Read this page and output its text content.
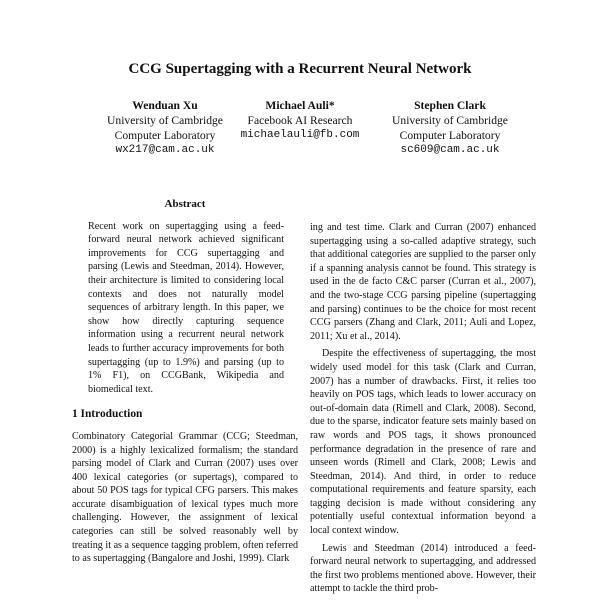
CCG Supertagging with a Recurrent Neural Network
Wenduan Xu
University of Cambridge
Computer Laboratory
wx217@cam.ac.uk
Michael Auli*
Facebook AI Research
michaelauli@fb.com
Stephen Clark
University of Cambridge
Computer Laboratory
sc609@cam.ac.uk
Abstract

Recent work on supertagging using a feed-forward neural network achieved significant improvements for CCG supertagging and parsing (Lewis and Steedman, 2014). However, their architecture is limited to considering local contexts and does not naturally model sequences of arbitrary length. In this paper, we show how directly capturing sequence information using a recurrent neural network leads to further accuracy improvements for both supertagging (up to 1.9%) and parsing (up to 1% F1), on CCGBank, Wikipedia and biomedical text.

1 Introduction

Combinatory Categorial Grammar (CCG; Steedman, 2000) is a highly lexicalized formalism; the standard parsing model of Clark and Curran (2007) uses over 400 lexical categories (or supertags), compared to about 50 POS tags for typical CFG parsers. This makes accurate disambiguation of lexical types much more challenging. However, the assignment of lexical categories can still be solved reasonably well by treating it as a sequence tagging problem, often referred to as supertagging (Bangalore and Joshi, 1999). Clark

ing and test time. Clark and Curran (2007) enhanced supertagging using a so-called adaptive strategy, such that additional categories are supplied to the parser only if a spanning analysis cannot be found. This strategy is used in the de facto C&C parser (Curran et al., 2007), and the two-stage CCG parsing pipeline (supertagging and parsing) continues to be the choice for most recent CCG parsers (Zhang and Clark, 2011; Auli and Lopez, 2011; Xu et al., 2014).

Despite the effectiveness of supertagging, the most widely used model for this task (Clark and Curran, 2007) has a number of drawbacks. First, it relies too heavily on POS tags, which leads to lower accuracy on out-of-domain data (Rimell and Clark, 2008). Second, due to the sparse, indicator feature sets mainly based on raw words and POS tags, it shows pronounced performance degradation in the presence of rare and unseen words (Rimell and Clark, 2008; Lewis and Steedman, 2014). And third, in order to reduce computational requirements and feature sparsity, each tagging decision is made without considering any potentially useful contextual information beyond a local context window.

Lewis and Steedman (2014) introduced a feed-forward neural network to supertagging, and addressed the first two problems mentioned above. However, their attempt to tackle the third prob-
